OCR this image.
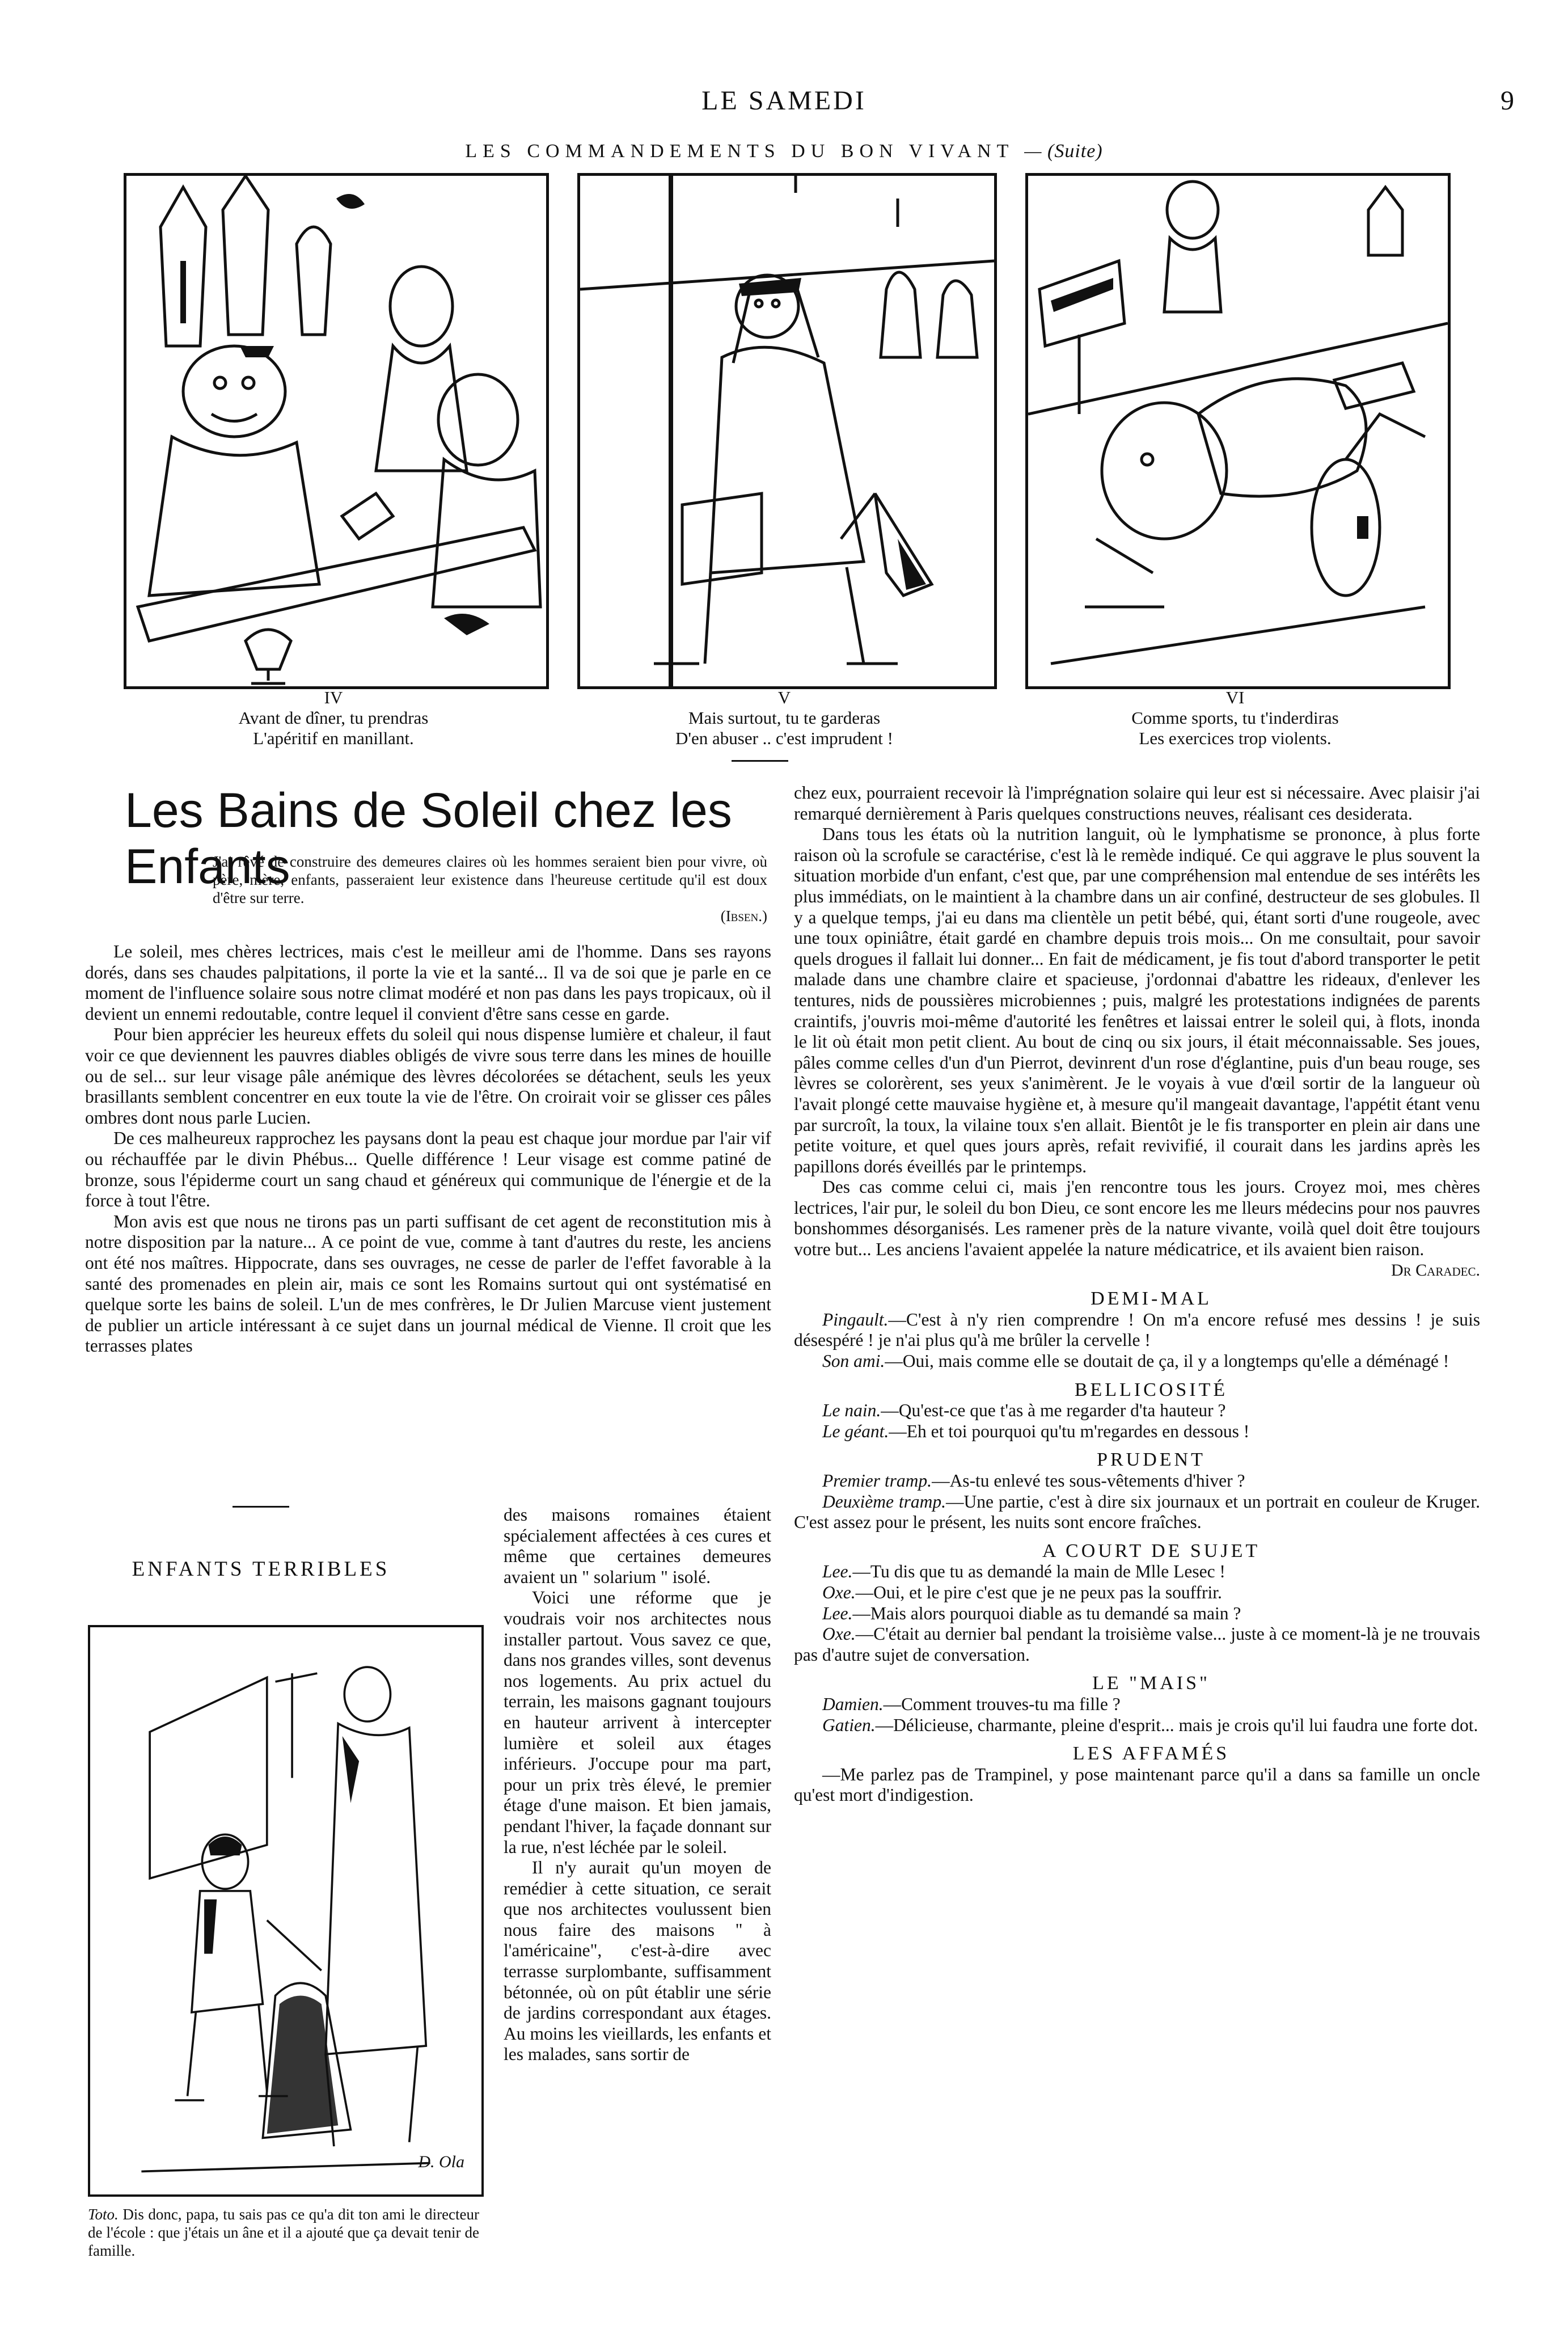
LE SAMEDI	9
LES COMMANDEMENTS DU BON VIVANT — (Suite)
IV
Avant de dîner, tu prendras
L'apéritif en manillant.
V
Mais surtout, tu te garderas
D'en abuser .. c'est imprudent !
VI
Comme sports, tu t'inderdiras
Les exercices trop violents.
Les Bains de Soleil chez les Enfants
J'ai rêvé de construire des demeures claires où les hommes seraient bien pour vivre, où père, mère, enfants, passeraient leur existence dans l'heureuse certitude qu'il est doux d'être sur terre.
(Ibsen.)

Le soleil, mes chères lectrices, mais c'est le meilleur ami de l'homme. Dans ses rayons dorés, dans ses chaudes palpitations, il porte la vie et la santé... Il va de soi que je parle en ce moment de l'influence solaire sous notre climat modéré et non pas dans les pays tropicaux, où il devient un ennemi redoutable, contre lequel il convient d'être sans cesse en garde.

Pour bien apprécier les heureux effets du soleil qui nous dispense lumière et chaleur, il faut voir ce que deviennent les pauvres diables obligés de vivre sous terre dans les mines de houille ou de sel... sur leur visage pâle anémique des lèvres décolorées se détachent, seuls les yeux brasillants semblent concentrer en eux toute la vie de l'être. On croirait voir se glisser ces pâles ombres dont nous parle Lucien.

De ces malheureux rapprochez les paysans dont la peau est chaque jour mordue par l'air vif ou réchauffée par le divin Phébus... Quelle différence ! Leur visage est comme patiné de bronze, sous l'épiderme court un sang chaud et généreux qui communique de l'énergie et de la force à tout l'être.

Mon avis est que nous ne tirons pas un parti suffisant de cet agent de reconstitution mis à notre disposition par la nature... A ce point de vue, comme à tant d'autres du reste, les anciens ont été nos maîtres. Hippocrate, dans ses ouvrages, ne cesse de parler de l'effet favorable à la santé des promenades en plein air, mais ce sont les Romains surtout qui ont systématisé en quelque sorte les bains de soleil. L'un de mes confrères, le Dr Julien Marcuse vient justement de publier un article intéressant à ce sujet dans un journal médical de Vienne. Il croit que les terrasses plates

ENFANTS TERRIBLES
D. Ola

des maisons romaines étaient spécialement affectées à ces cures et même que certaines demeures avaient un " solarium " isolé.

Voici une réforme que je voudrais voir nos architectes nous installer partout. Vous savez ce que, dans nos grandes villes, sont devenus nos logements. Au prix actuel du terrain, les maisons gagnant toujours en hauteur arrivent à intercepter lumière et soleil aux étages inférieurs. J'occupe pour ma part, pour un prix très élevé, le premier étage d'une maison. Et bien jamais, pendant l'hiver, la façade donnant sur la rue, n'est léchée par le soleil.

Il n'y aurait qu'un moyen de remédier à cette situation, ce serait que nos architectes voulussent bien nous faire des maisons " à l'américaine", c'est-à-dire avec terrasse surplombante, suffisamment bétonnée, où on pût établir une série de jardins correspondant aux étages. Au moins les vieillards, les enfants et les malades, sans sortir de

chez eux, pourraient recevoir là l'imprégnation solaire qui leur est si nécessaire. Avec plaisir j'ai remarqué dernièrement à Paris quelques constructions neuves, réalisant ces desiderata.

Dans tous les états où la nutrition languit, où le lymphatisme se prononce, à plus forte raison où la scrofule se caractérise, c'est là le remède indiqué. Ce qui aggrave le plus souvent la situation morbide d'un enfant, c'est que, par une compréhension mal entendue de ses intérêts les plus immédiats, on le maintient à la chambre dans un air confiné, destructeur de ses globules. Il y a quelque temps, j'ai eu dans ma clientèle un petit bébé, qui, étant sorti d'une rougeole, avec une toux opiniâtre, était gardé en chambre depuis trois mois... On me consultait, pour savoir quels drogues il fallait lui donner... En fait de médicament, je fis tout d'abord transporter le petit malade dans une chambre claire et spacieuse, j'ordonnai d'abattre les rideaux, d'enlever les tentures, nids de poussières microbiennes ; puis, malgré les protestations indignées de parents craintifs, j'ouvris moi-même d'autorité les fenêtres et laissai entrer le soleil qui, à flots, inonda le lit où était mon petit client. Au bout de cinq ou six jours, il était méconnaissable. Ses joues, pâles comme celles d'un d'un Pierrot, devinrent d'un rose d'églantine, puis d'un beau rouge, ses lèvres se colorèrent, ses yeux s'animèrent. Je le voyais à vue d'œil sortir de la langueur où l'avait plongé cette mauvaise hygiène et, à mesure qu'il mangeait davantage, l'appétit étant venu par surcroît, la toux, la vilaine toux s'en allait. Bientôt je le fis transporter en plein air dans une petite voiture, et quel ques jours après, refait revivifié, il courait dans les jardins après les papillons dorés éveillés par le printemps.

Des cas comme celui ci, mais j'en rencontre tous les jours. Croyez moi, mes chères lectrices, l'air pur, le soleil du bon Dieu, ce sont encore les me lleurs médecins pour nos pauvres bonshommes désorganisés. Les ramener près de la nature vivante, voilà quel doit être toujours votre but... Les anciens l'avaient appelée la nature médicatrice, et ils avaient bien raison.

Dr Caradec.

DEMI-MAL

Pingault.—C'est à n'y rien comprendre ! On m'a encore refusé mes dessins ! je suis désespéré ! je n'ai plus qu'à me brûler la cervelle !

Son ami.—Oui, mais comme elle se doutait de ça, il y a longtemps qu'elle a déménagé !

BELLICOSITÉ

Le nain.—Qu'est-ce que t'as à me regarder d'ta hauteur ?

Le géant.—Eh et toi pourquoi qu'tu m'regardes en dessous !

PRUDENT

Premier tramp.—As-tu enlevé tes sous-vêtements d'hiver ?

Deuxième tramp.—Une partie, c'est à dire six journaux et un portrait en couleur de Kruger. C'est assez pour le présent, les nuits sont encore fraîches.

A COURT DE SUJET

Lee.—Tu dis que tu as demandé la main de Mlle Lesec !

Oxe.—Oui, et le pire c'est que je ne peux pas la souffrir.

Lee.—Mais alors pourquoi diable as tu demandé sa main ?

Oxe.—C'était au dernier bal pendant la troisième valse... juste à ce moment-là je ne trouvais pas d'autre sujet de conversation.

LE "MAIS"

Damien.—Comment trouves-tu ma fille ?

Gatien.—Délicieuse, charmante, pleine d'esprit... mais je crois qu'il lui faudra une forte dot.

LES AFFAMÉS

—Me parlez pas de Trampinel, y pose maintenant parce qu'il a dans sa famille un oncle qu'est mort d'indigestion.

Toto. Dis donc, papa, tu sais pas ce qu'a dit ton ami le directeur de l'école : que j'étais un âne et il a ajouté que ça devait tenir de famille.
